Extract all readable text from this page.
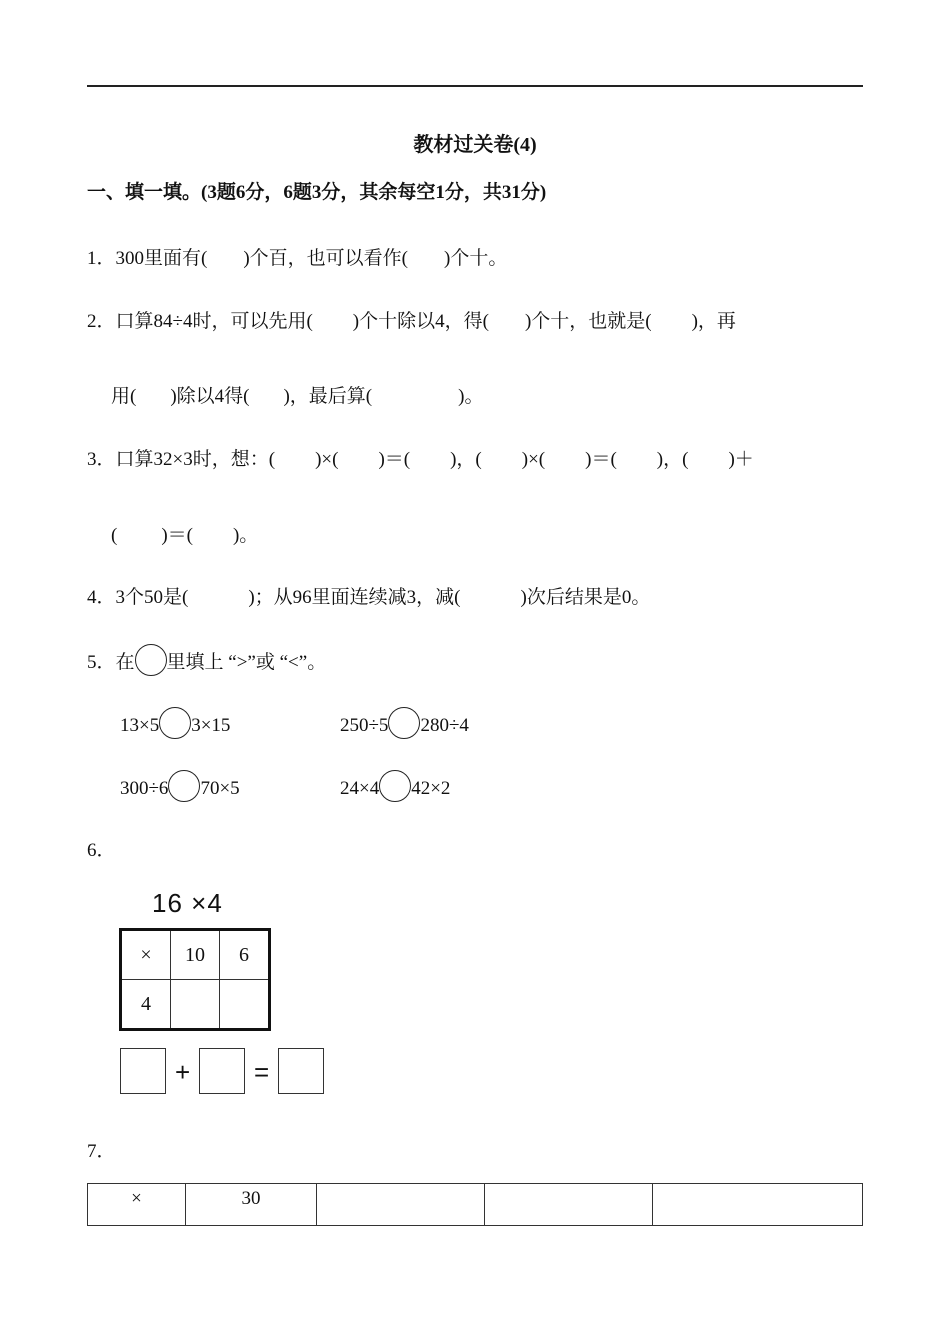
教材过关卷(4)
一、填一填。(3题6分，6题3分，其余每空1分，共31分)
1．300里面有( )个百，也可以看作( )个十。
2．口算84÷4时，可以先用( )个十除以4，得( )个十，也就是( )，再
用( )除以4得( )，最后算(	)。
3．口算32×3时，想：( )×( )＝( )，( )×( )＝( )，( )＋
( )＝( )。
4．3个50是(	)；从96里面连续减3，减(	)次后结果是0。
5．在 里填上 “>”或 “<”。
13×5 3×15	250÷5 280÷4
300÷6 70×5	24×4 42×2
6．
16 ×4
×	10	6
4		
+ =
7．
×	30			
